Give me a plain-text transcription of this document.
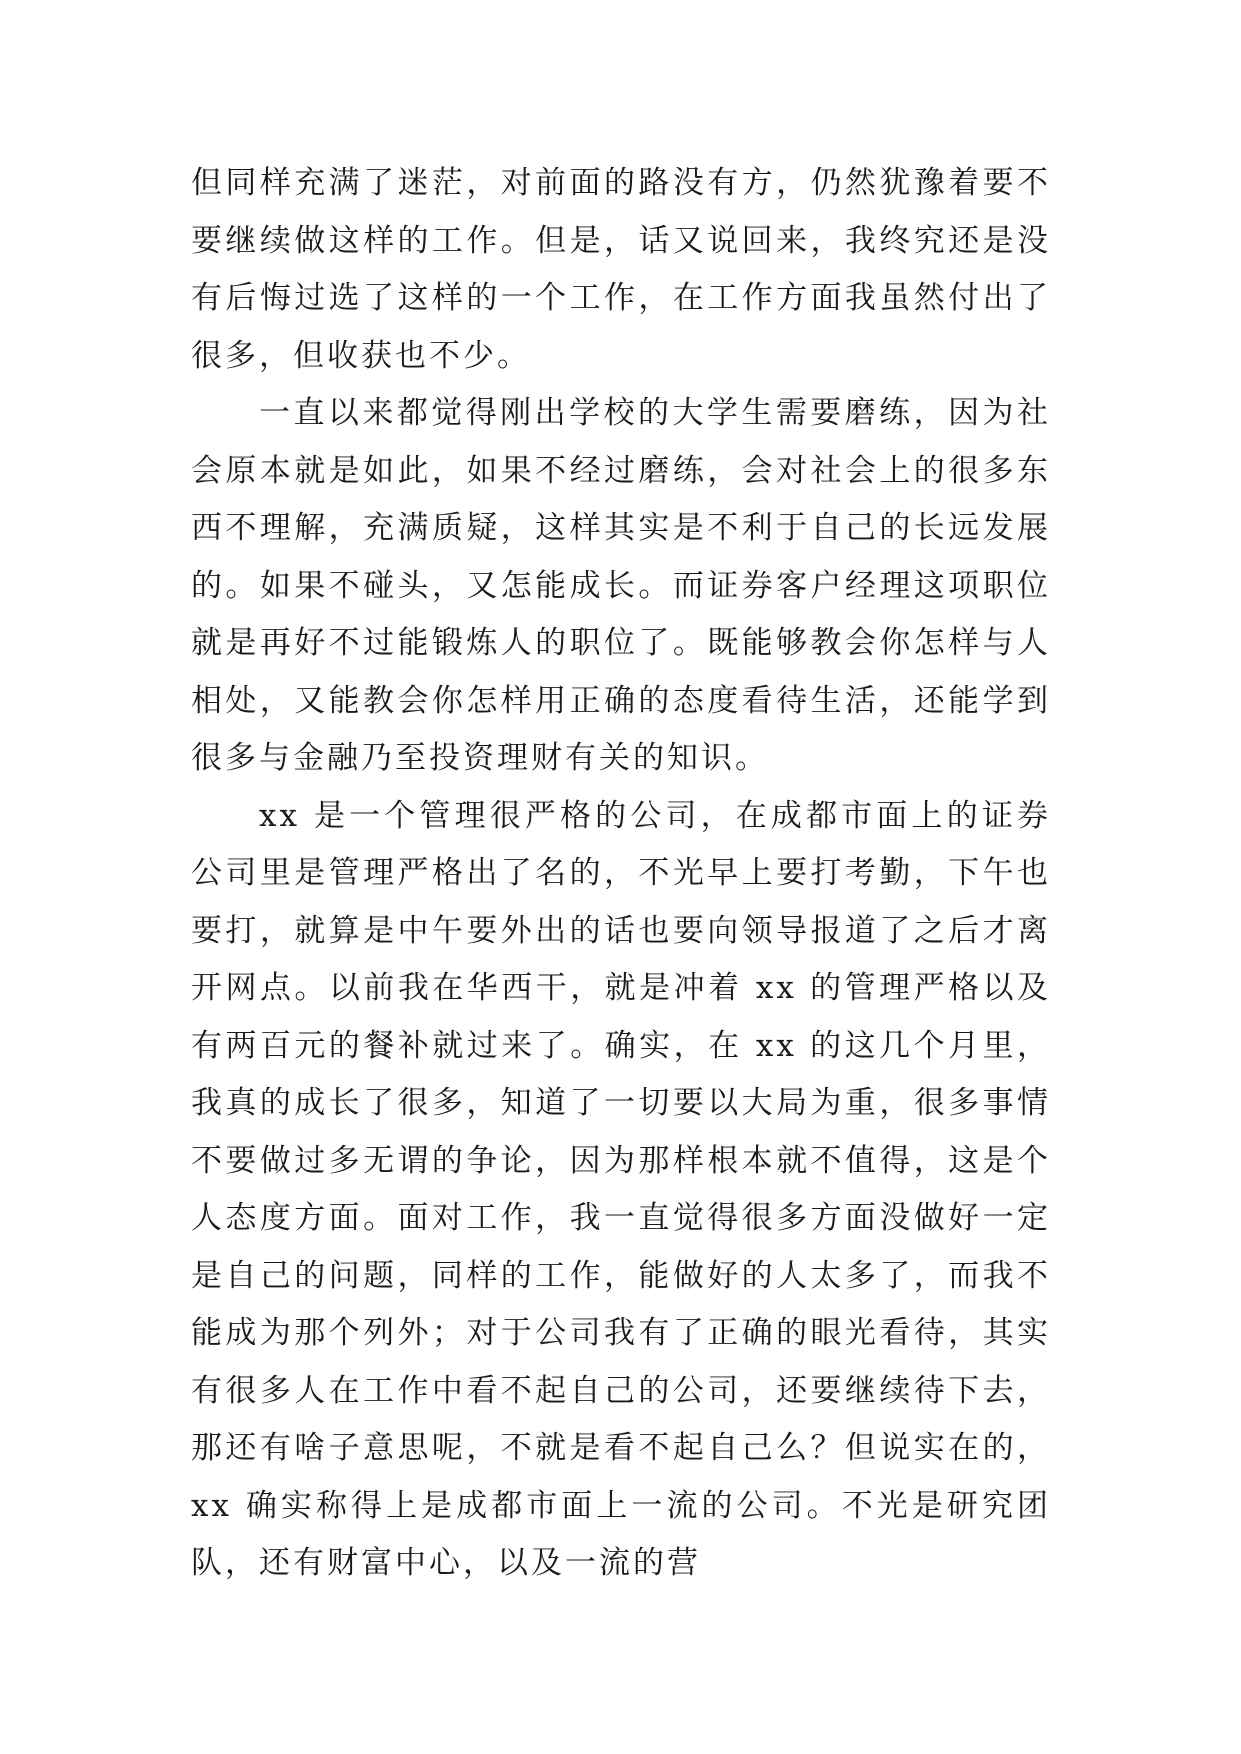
但同样充满了迷茫，对前面的路没有方，仍然犹豫着要不要继续做这样的工作。但是，话又说回来，我终究还是没有后悔过选了这样的一个工作，在工作方面我虽然付出了很多，但收获也不少。

一直以来都觉得刚出学校的大学生需要磨练，因为社会原本就是如此，如果不经过磨练，会对社会上的很多东西不理解，充满质疑，这样其实是不利于自己的长远发展的。如果不碰头，又怎能成长。而证券客户经理这项职位就是再好不过能锻炼人的职位了。既能够教会你怎样与人相处，又能教会你怎样用正确的态度看待生活，还能学到很多与金融乃至投资理财有关的知识。

xx 是一个管理很严格的公司，在成都市面上的证券公司里是管理严格出了名的，不光早上要打考勤，下午也要打，就算是中午要外出的话也要向领导报道了之后才离开网点。以前我在华西干，就是冲着 xx 的管理严格以及有两百元的餐补就过来了。确实，在 xx 的这几个月里，我真的成长了很多，知道了一切要以大局为重，很多事情不要做过多无谓的争论，因为那样根本就不值得，这是个人态度方面。面对工作，我一直觉得很多方面没做好一定是自己的问题，同样的工作，能做好的人太多了，而我不能成为那个列外；对于公司我有了正确的眼光看待，其实有很多人在工作中看不起自己的公司，还要继续待下去，那还有啥子意思呢，不就是看不起自己么？但说实在的，xx 确实称得上是成都市面上一流的公司。不光是研究团队，还有财富中心，以及一流的营
